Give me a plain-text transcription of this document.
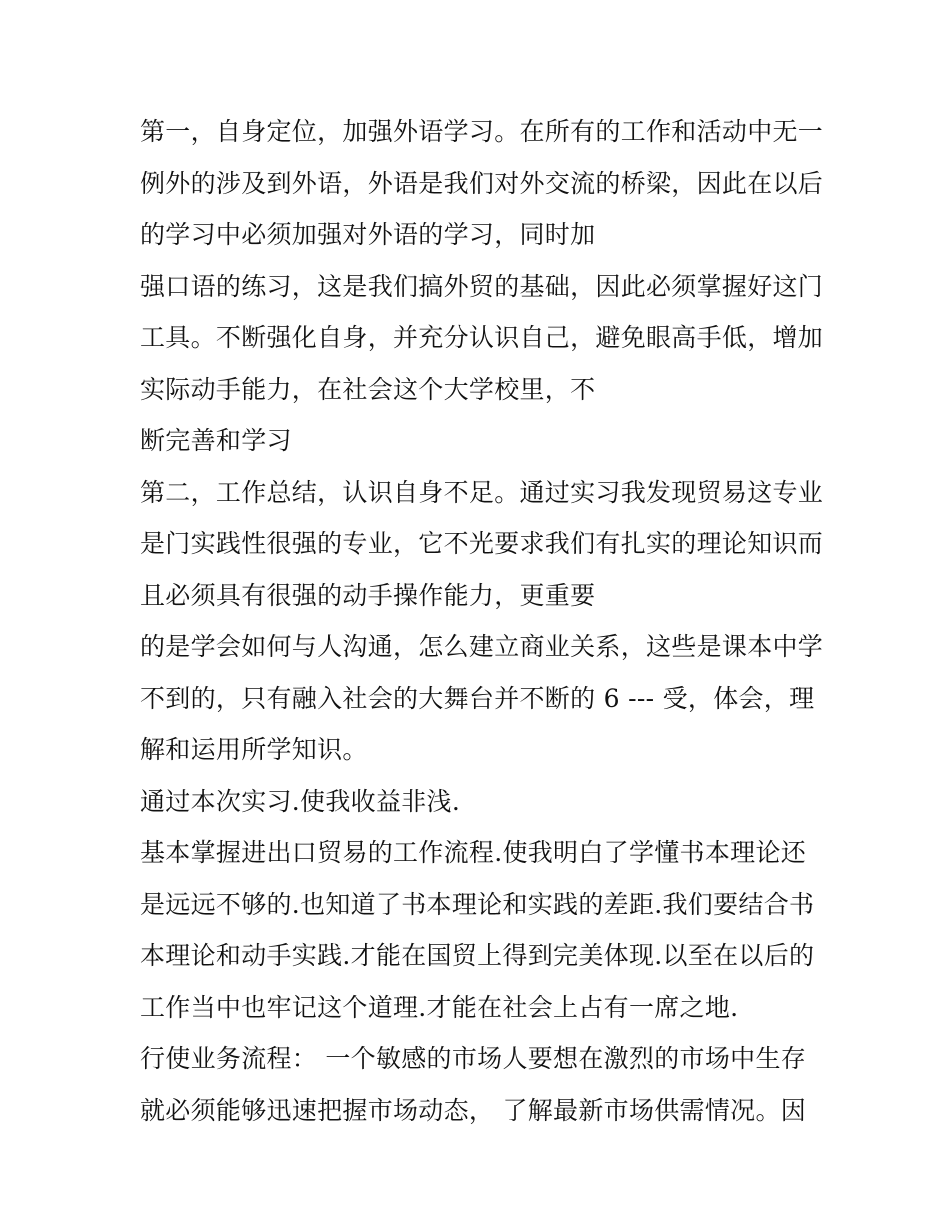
第一，自身定位，加强外语学习。在所有的工作和活动中无一
例外的涉及到外语，外语是我们对外交流的桥梁，因此在以后
的学习中必须加强对外语的学习，同时加
强口语的练习，这是我们搞外贸的基础，因此必须掌握好这门
工具。不断强化自身，并充分认识自己，避免眼高手低，增加
实际动手能力，在社会这个大学校里，不
断完善和学习
第二，工作总结，认识自身不足。通过实习我发现贸易这专业
是门实践性很强的专业，它不光要求我们有扎实的理论知识而
且必须具有很强的动手操作能力，更重要
的是学会如何与人沟通，怎么建立商业关系，这些是课本中学
不到的，只有融入社会的大舞台并不断的 6 --- 受，体会，理
解和运用所学知识。
通过本次实习.使我收益非浅.
基本掌握进出口贸易的工作流程.使我明白了学懂书本理论还
是远远不够的.也知道了书本理论和实践的差距.我们要结合书
本理论和动手实践.才能在国贸上得到完美体现.以至在以后的
工作当中也牢记这个道理.才能在社会上占有一席之地.
行使业务流程： 一个敏感的市场人要想在激烈的市场中生存
就必须能够迅速把握市场动态， 了解最新市场供需情况。因
